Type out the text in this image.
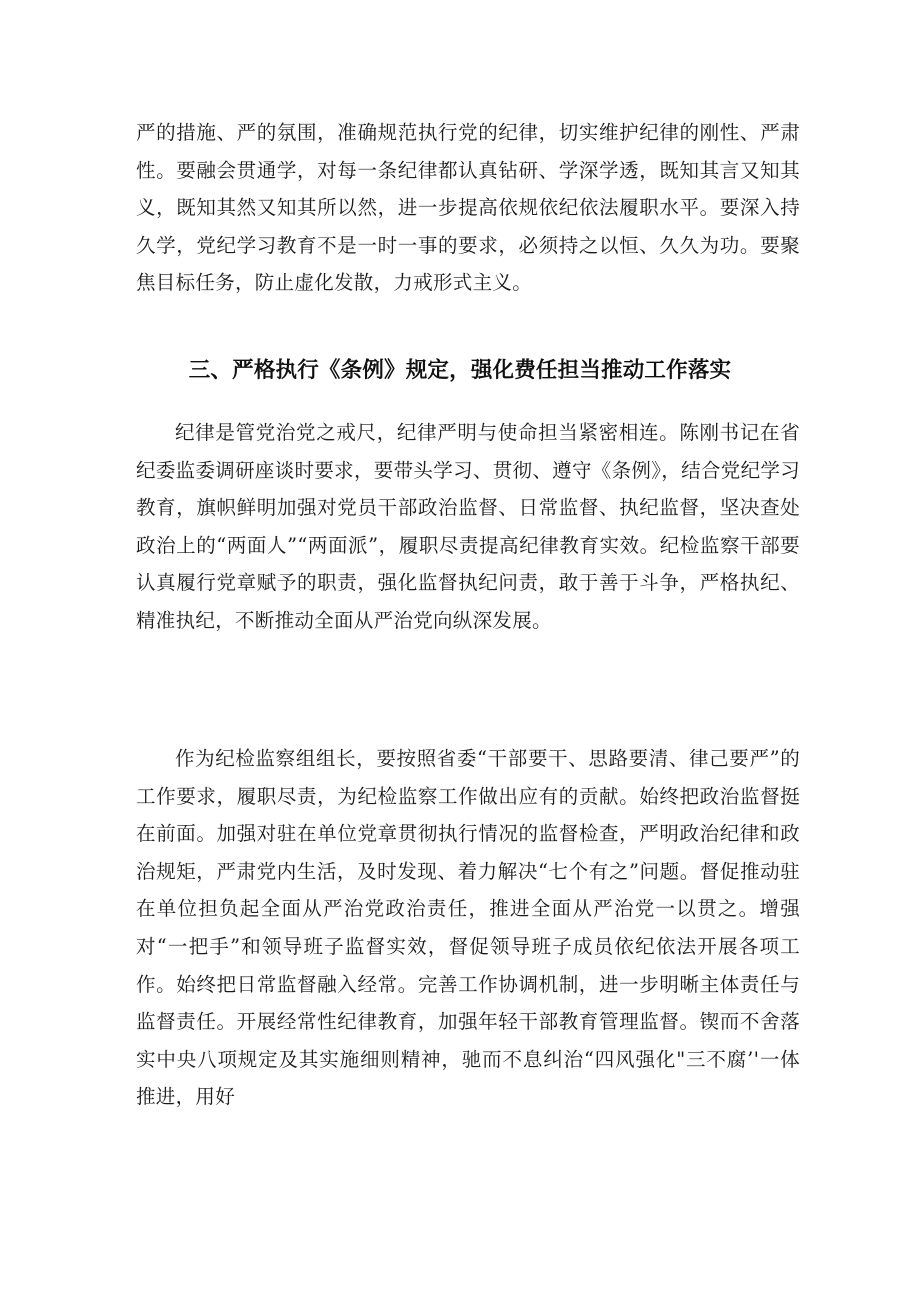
严的措施、严的氛围，准确规范执行党的纪律，切实维护纪律的刚性、严肃性。要融会贯通学，对每一条纪律都认真钻研、学深学透，既知其言又知其义，既知其然又知其所以然，进一步提高依规依纪依法履职水平。要深入持久学，党纪学习教育不是一时一事的要求，必须持之以恒、久久为功。要聚焦目标任务，防止虚化发散，力戒形式主义。

三、严格执行《条例》规定，强化费任担当推动工作落实

纪律是管党治党之戒尺，纪律严明与使命担当紧密相连。陈刚书记在省纪委监委调研座谈时要求，要带头学习、贯彻、遵守《条例》，结合党纪学习教育，旗帜鲜明加强对党员干部政治监督、日常监督、执纪监督，坚决查处政治上的“两面人”“两面派”，履职尽责提高纪律教育实效。纪检监察干部要认真履行党章赋予的职责，强化监督执纪问责，敢于善于斗争，严格执纪、精准执纪，不断推动全面从严治党向纵深发展。

作为纪检监察组组长，要按照省委“干部要干、思路要清、律己要严”的工作要求，履职尽责，为纪检监察工作做出应有的贡献。始终把政治监督挺在前面。加强对驻在单位党章贯彻执行情况的监督检查，严明政治纪律和政治规矩，严肃党内生活，及时发现、着力解决“七个有之”问题。督促推动驻在单位担负起全面从严治党政治责任，推进全面从严治党一以贯之。增强对“一把手”和领导班子监督实效，督促领导班子成员依纪依法开展各项工作。始终把日常监督融入经常。完善工作协调机制，进一步明晰主体责任与监督责任。开展经常性纪律教育，加强年轻干部教育管理监督。锲而不舍落实中央八项规定及其实施细则精神，驰而不息纠治“四风强化"三不腐’'一体推进，用好
